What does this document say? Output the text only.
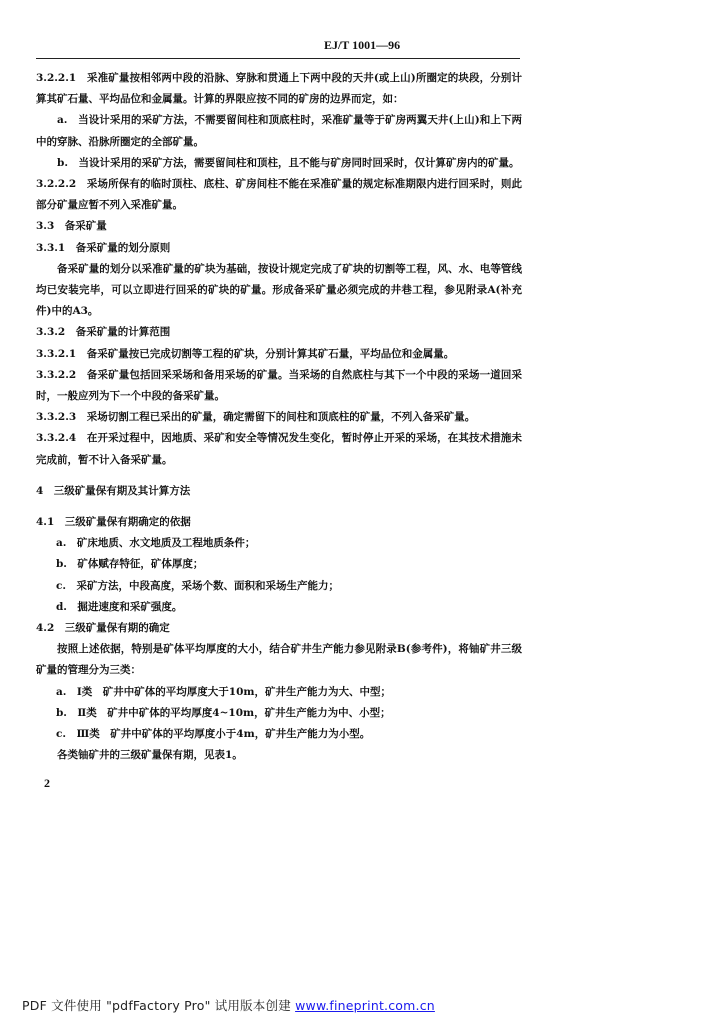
EJ/T 1001—96

3.2.2.1　采准矿量按相邻两中段的沿脉、穿脉和贯通上下两中段的天井(或上山)所圈定的块段，分别计算其矿石量、平均品位和金属量。计算的界限应按不同的矿房的边界而定，如：

a.　当设计采用的采矿方法，不需要留间柱和顶底柱时，采准矿量等于矿房两翼天井(上山)和上下两中的穿脉、沿脉所圈定的全部矿量。

b.　当设计采用的采矿方法，需要留间柱和顶柱，且不能与矿房同时回采时，仅计算矿房内的矿量。

3.2.2.2　采场所保有的临时顶柱、底柱、矿房间柱不能在采准矿量的规定标准期限内进行回采时，则此部分矿量应暂不列入采准矿量。

3.3　备采矿量

3.3.1　备采矿量的划分原则

备采矿量的划分以采准矿量的矿块为基础，按设计规定完成了矿块的切割等工程，风、水、电等管线均已安装完毕，可以立即进行回采的矿块的矿量。形成备采矿量必须完成的井巷工程，参见附录A(补充件)中的A3。

3.3.2　备采矿量的计算范围

3.3.2.1　备采矿量按已完成切割等工程的矿块，分别计算其矿石量，平均品位和金属量。

3.3.2.2　备采矿量包括回采采场和备用采场的矿量。当采场的自然底柱与其下一个中段的采场一道回采时，一般应列为下一个中段的备采矿量。

3.3.2.3　采场切割工程已采出的矿量，确定需留下的间柱和顶底柱的矿量，不列入备采矿量。

3.3.2.4　在开采过程中，因地质、采矿和安全等情况发生变化，暂时停止开采的采场，在其技术措施未完成前，暂不计入备采矿量。

4　三级矿量保有期及其计算方法

4.1　三级矿量保有期确定的依据

a.　矿床地质、水文地质及工程地质条件；

b.　矿体赋存特征，矿体厚度；

c.　采矿方法，中段高度，采场个数、面积和采场生产能力；

d.　掘进速度和采矿强度。

4.2　三级矿量保有期的确定

按照上述依据，特别是矿体平均厚度的大小，结合矿井生产能力参见附录B(参考件)，将铀矿井三级矿量的管理分为三类：

a.　Ⅰ类　矿井中矿体的平均厚度大于10m，矿井生产能力为大、中型；

b.　Ⅱ类　矿井中矿体的平均厚度4~10m，矿井生产能力为中、小型；

c.　Ⅲ类　矿井中矿体的平均厚度小于4m，矿井生产能力为小型。

各类铀矿井的三级矿量保有期，见表1。

2
PDF 文件使用 "pdfFactory Pro" 试用版本创建 www.fineprint.com.cn
